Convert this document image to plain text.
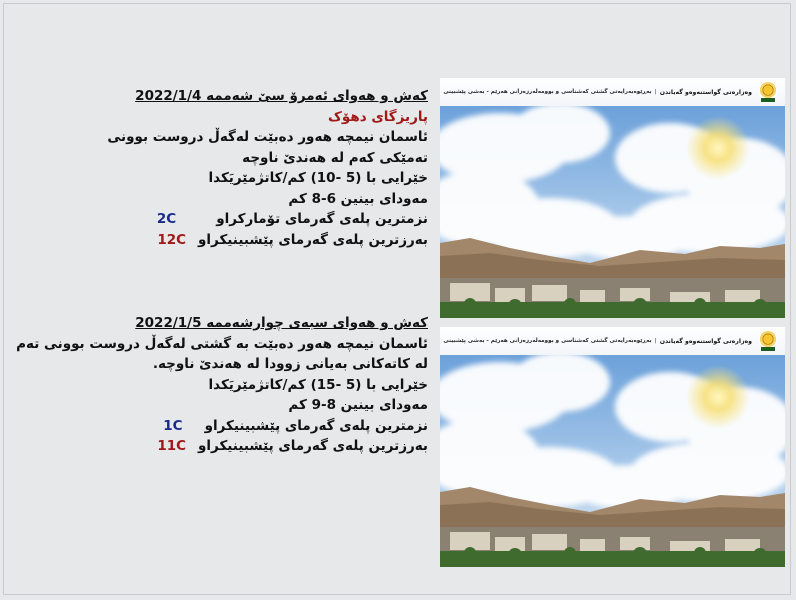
کەش و هەوای ئەمرۆ سێ شەممە 2022/1/4
پاریزگای دهۆک
ئاسمان نیمچە هەور دەبێت لەگەڵ دروست بوونی
تەمێکی کەم لە هەندێ ناوچە
خێرایی با (5 -10) کم/کاتژمێریَکدا
مەودای بینین 6-8 کم
نزمترین پلەی گەرمای تۆمارکراو2C
بەرزترین پلەی گەرمای پێشبینیکراو12C
کەش و هەوای سبەی چوارشەممە 2022/1/5
ئاسمان نیمچە هەور دەبێت بە گشتی لەگەڵ دروست بوونی تەم
لە کاتەکانی بەیانی زوودا لە هەندێ ناوچە.
خێرایی با (5 -15) کم/کاتژمێریَکدا
مەودای بینین 8-9 کم
نزمترین پلەی گەرمای پێشبینیکراو1C
بەرزترین پلەی گەرمای پێشبینیکراو11C
وەزارەتی گواستنەوەو گەیاندن
|
بەڕێوەبەرایەتی گشتی کەشناسی و بوومەلەرزەزانی هەرێم - بەشی پێشبینی
وەزارەتی گواستنەوەو گەیاندن
|
بەڕێوەبەرایەتی گشتی کەشناسی و بوومەلەرزەزانی هەرێم - بەشی پێشبینی
